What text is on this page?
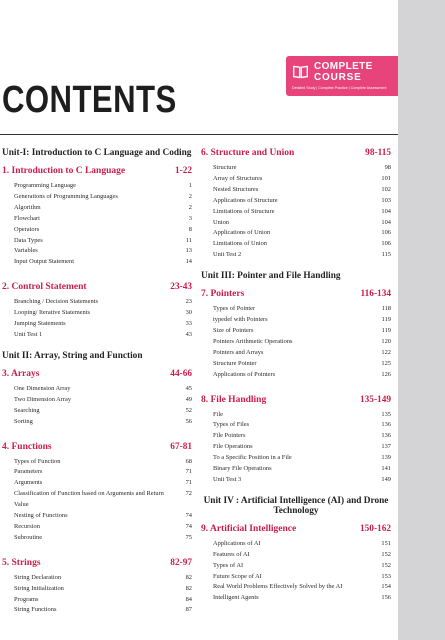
COMPLETE
COURSE
Detailed Study | Complete Practice | Complete Assessment
CONTENTS
Unit-I: Introduction to C Language and Coding
1. Introduction to C Language	1-22
Programming Language	1
Generations of Programming Languages	2
Algorithm	2
Flowchart	3
Operators	8
Data Types	11
Variables	13
Input Output Statement	14
2. Control Statement	23-43
Branching / Decision Statements	23
Looping/ Iterative Statements	30
Jumping Statements	33
Unit Test 1	43
Unit II: Array, String and Function
3. Arrays	44-66
One Dimension Array	45
Two Dimension Array	49
Searching	52
Sorting	56
4. Functions	67-81
Types of Function	68
Parameters	71
Arguments	71
Classification of Function based on Arguments and Return Value
72
Nesting of Functions	74
Recursion	74
Subroutine	75
5. Strings	82-97
String Declaration	82
String Initialization	82
Programs	84
String Functions	87
6. Structure and Union	98-115
Structure	98
Array of Structures	101
Nested Structures	102
Applications of Structure	103
Limitations of Structure	104
Union	104
Applications of Union	106
Limitations of Union	106
Unit Test 2	115
Unit III: Pointer and File Handling
7. Pointers	116-134
Types of Pointer	118
typedef with Pointers	119
Size of Pointers	119
Pointers Arithmetic Operations	120
Pointers and Arrays	122
Structure Pointer	125
Applications of Pointers	126
8. File Handling	135-149
File	135
Types of Files	136
File Pointers	136
File Operations	137
To a Specific Position in a File	139
Binary File Operations	141
Unit Test 3	149
Unit IV : Artificial Intelligence (AI) and Drone Technology
9. Artificial Intelligence	150-162
Applications of AI	151
Features of AI	152
Types of AI	152
Future Scope of AI	153
Real World Problems Effectively Solved by the AI	154
Intelligent Agents	156
